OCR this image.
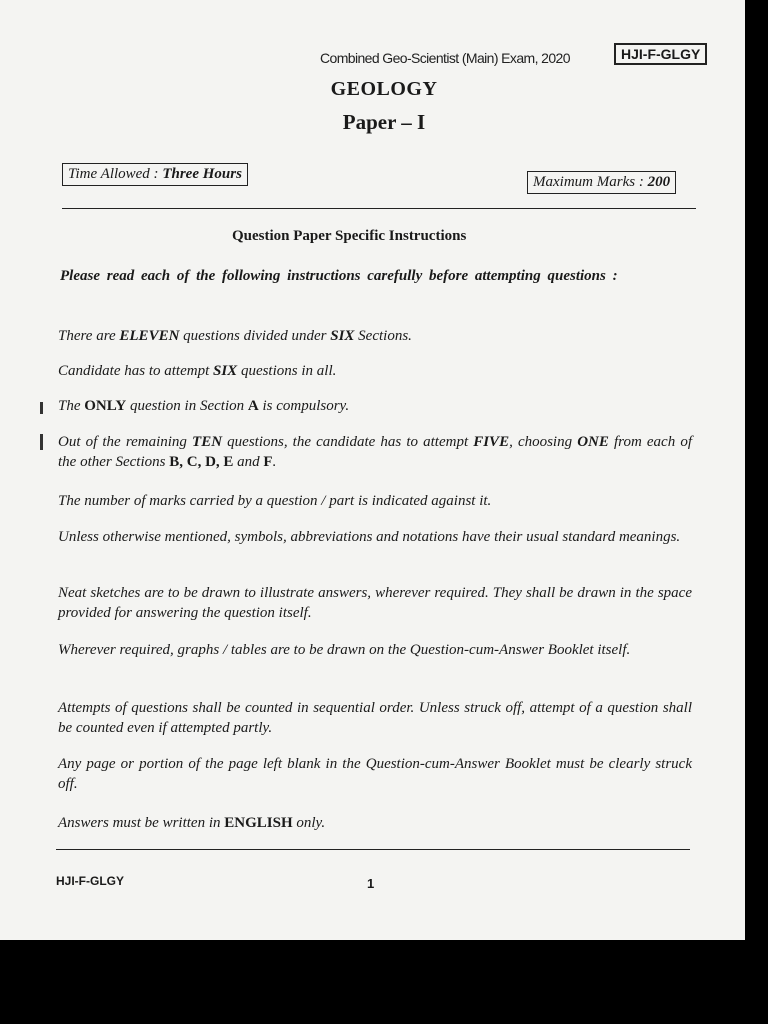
Combined Geo-Scientist (Main) Exam, 2020	HJI-F-GLGY
GEOLOGY
Paper – I
Time Allowed : Three Hours	Maximum Marks : 200
Question Paper Specific Instructions
Please read each of the following instructions carefully before attempting questions :
There are ELEVEN questions divided under SIX Sections.
Candidate has to attempt SIX questions in all.
The ONLY question in Section A is compulsory.
Out of the remaining TEN questions, the candidate has to attempt FIVE, choosing ONE from each of the other Sections B, C, D, E and F.
The number of marks carried by a question / part is indicated against it.
Unless otherwise mentioned, symbols, abbreviations and notations have their usual standard meanings.
Neat sketches are to be drawn to illustrate answers, wherever required. They shall be drawn in the space provided for answering the question itself.
Wherever required, graphs / tables are to be drawn on the Question-cum-Answer Booklet itself.
Attempts of questions shall be counted in sequential order. Unless struck off, attempt of a question shall be counted even if attempted partly.
Any page or portion of the page left blank in the Question-cum-Answer Booklet must be clearly struck off.
Answers must be written in ENGLISH only.
HJI-F-GLGY	1
